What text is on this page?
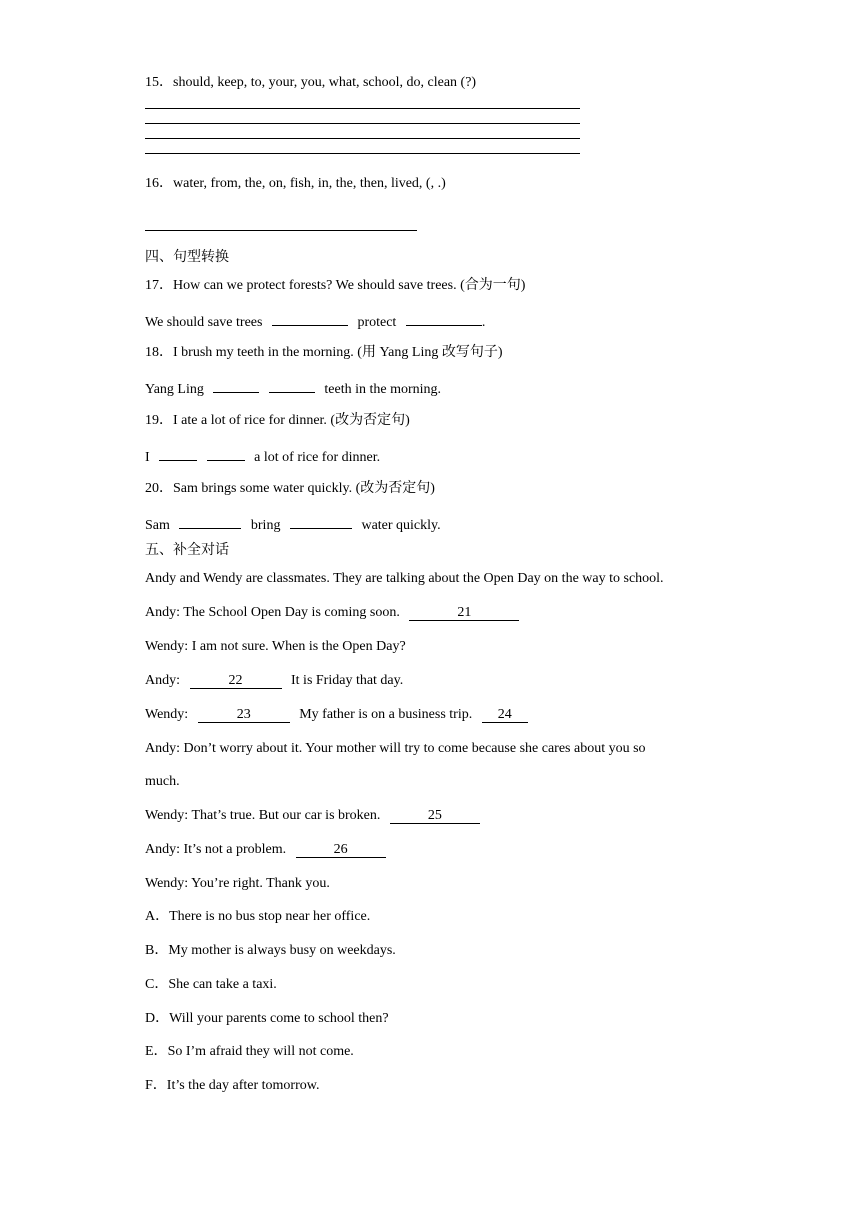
15．should, keep, to, your, you, what, school, do, clean (?)
16．water, from, the, on, fish, in, the, then, lived, (, .)
四、句型转换
17．How can we protect forests? We should save trees. (合为一句)
We should save trees	protect	.
18．I brush my teeth in the morning. (用 Yang Ling 改写句子)
Yang Ling	teeth in the morning.
19．I ate a lot of rice for dinner. (改为否定句)
I	a lot of rice for dinner.
20．Sam brings some water quickly. (改为否定句)
Sam	bring	water quickly.
五、补全对话
Andy and Wendy are classmates. They are talking about the Open Day on the way to school.
Andy: The School Open Day is coming soon.	21
Wendy: I am not sure. When is the Open Day?
Andy:	22	It is Friday that day.
Wendy:	23	My father is on a business trip. 24
Andy: Don’t worry about it. Your mother will try to come because she cares about you so
much.
Wendy: That’s true. But our car is broken.	25
Andy: It’s not a problem.	26
Wendy: You’re right. Thank you.
A．There is no bus stop near her office.
B．My mother is always busy on weekdays.
C．She can take a taxi.
D．Will your parents come to school then?
E．So I’m afraid they will not come.
F．It’s the day after tomorrow.
